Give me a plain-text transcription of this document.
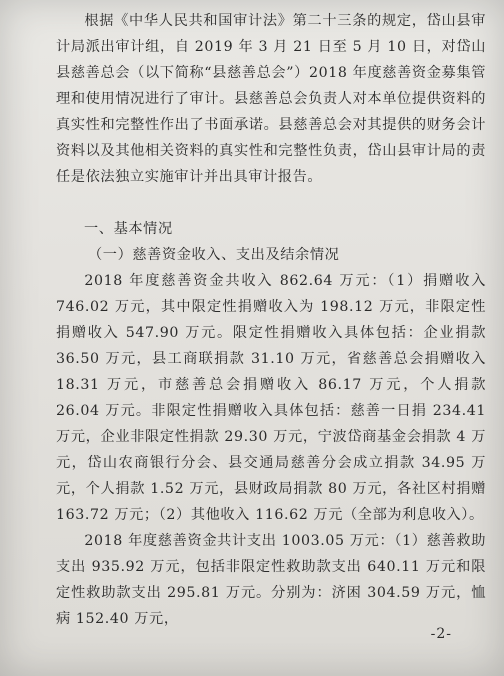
根据《中华人民共和国审计法》第二十三条的规定，岱山县审计局派出审计组，自 2019 年 3 月 21 日至 5 月 10 日，对岱山县慈善总会（以下简称“县慈善总会”）2018 年度慈善资金募集管理和使用情况进行了审计。县慈善总会负责人对本单位提供资料的真实性和完整性作出了书面承诺。县慈善总会对其提供的财务会计资料以及其他相关资料的真实性和完整性负责，岱山县审计局的责任是依法独立实施审计并出具审计报告。

一、基本情况

（一）慈善资金收入、支出及结余情况

2018 年度慈善资金共收入 862.64 万元：（1）捐赠收入 746.02 万元，其中限定性捐赠收入为 198.12 万元，非限定性捐赠收入 547.90 万元。限定性捐赠收入具体包括：企业捐款 36.50 万元，县工商联捐款 31.10 万元，省慈善总会捐赠收入 18.31 万元，市慈善总会捐赠收入 86.17 万元，个人捐款 26.04 万元。非限定性捐赠收入具体包括：慈善一日捐 234.41 万元，企业非限定性捐款 29.30 万元，宁波岱商基金会捐款 4 万元，岱山农商银行分会、县交通局慈善分会成立捐款 34.95 万元，个人捐款 1.52 万元，县财政局捐款 80 万元，各社区村捐赠 163.72 万元；（2）其他收入 116.62 万元（全部为利息收入）。

2018 年度慈善资金共计支出 1003.05 万元：（1）慈善救助支出 935.92 万元，包括非限定性救助款支出 640.11 万元和限定性救助款支出 295.81 万元。分别为：济困 304.59 万元，恤病 152.40 万元，

-2-
